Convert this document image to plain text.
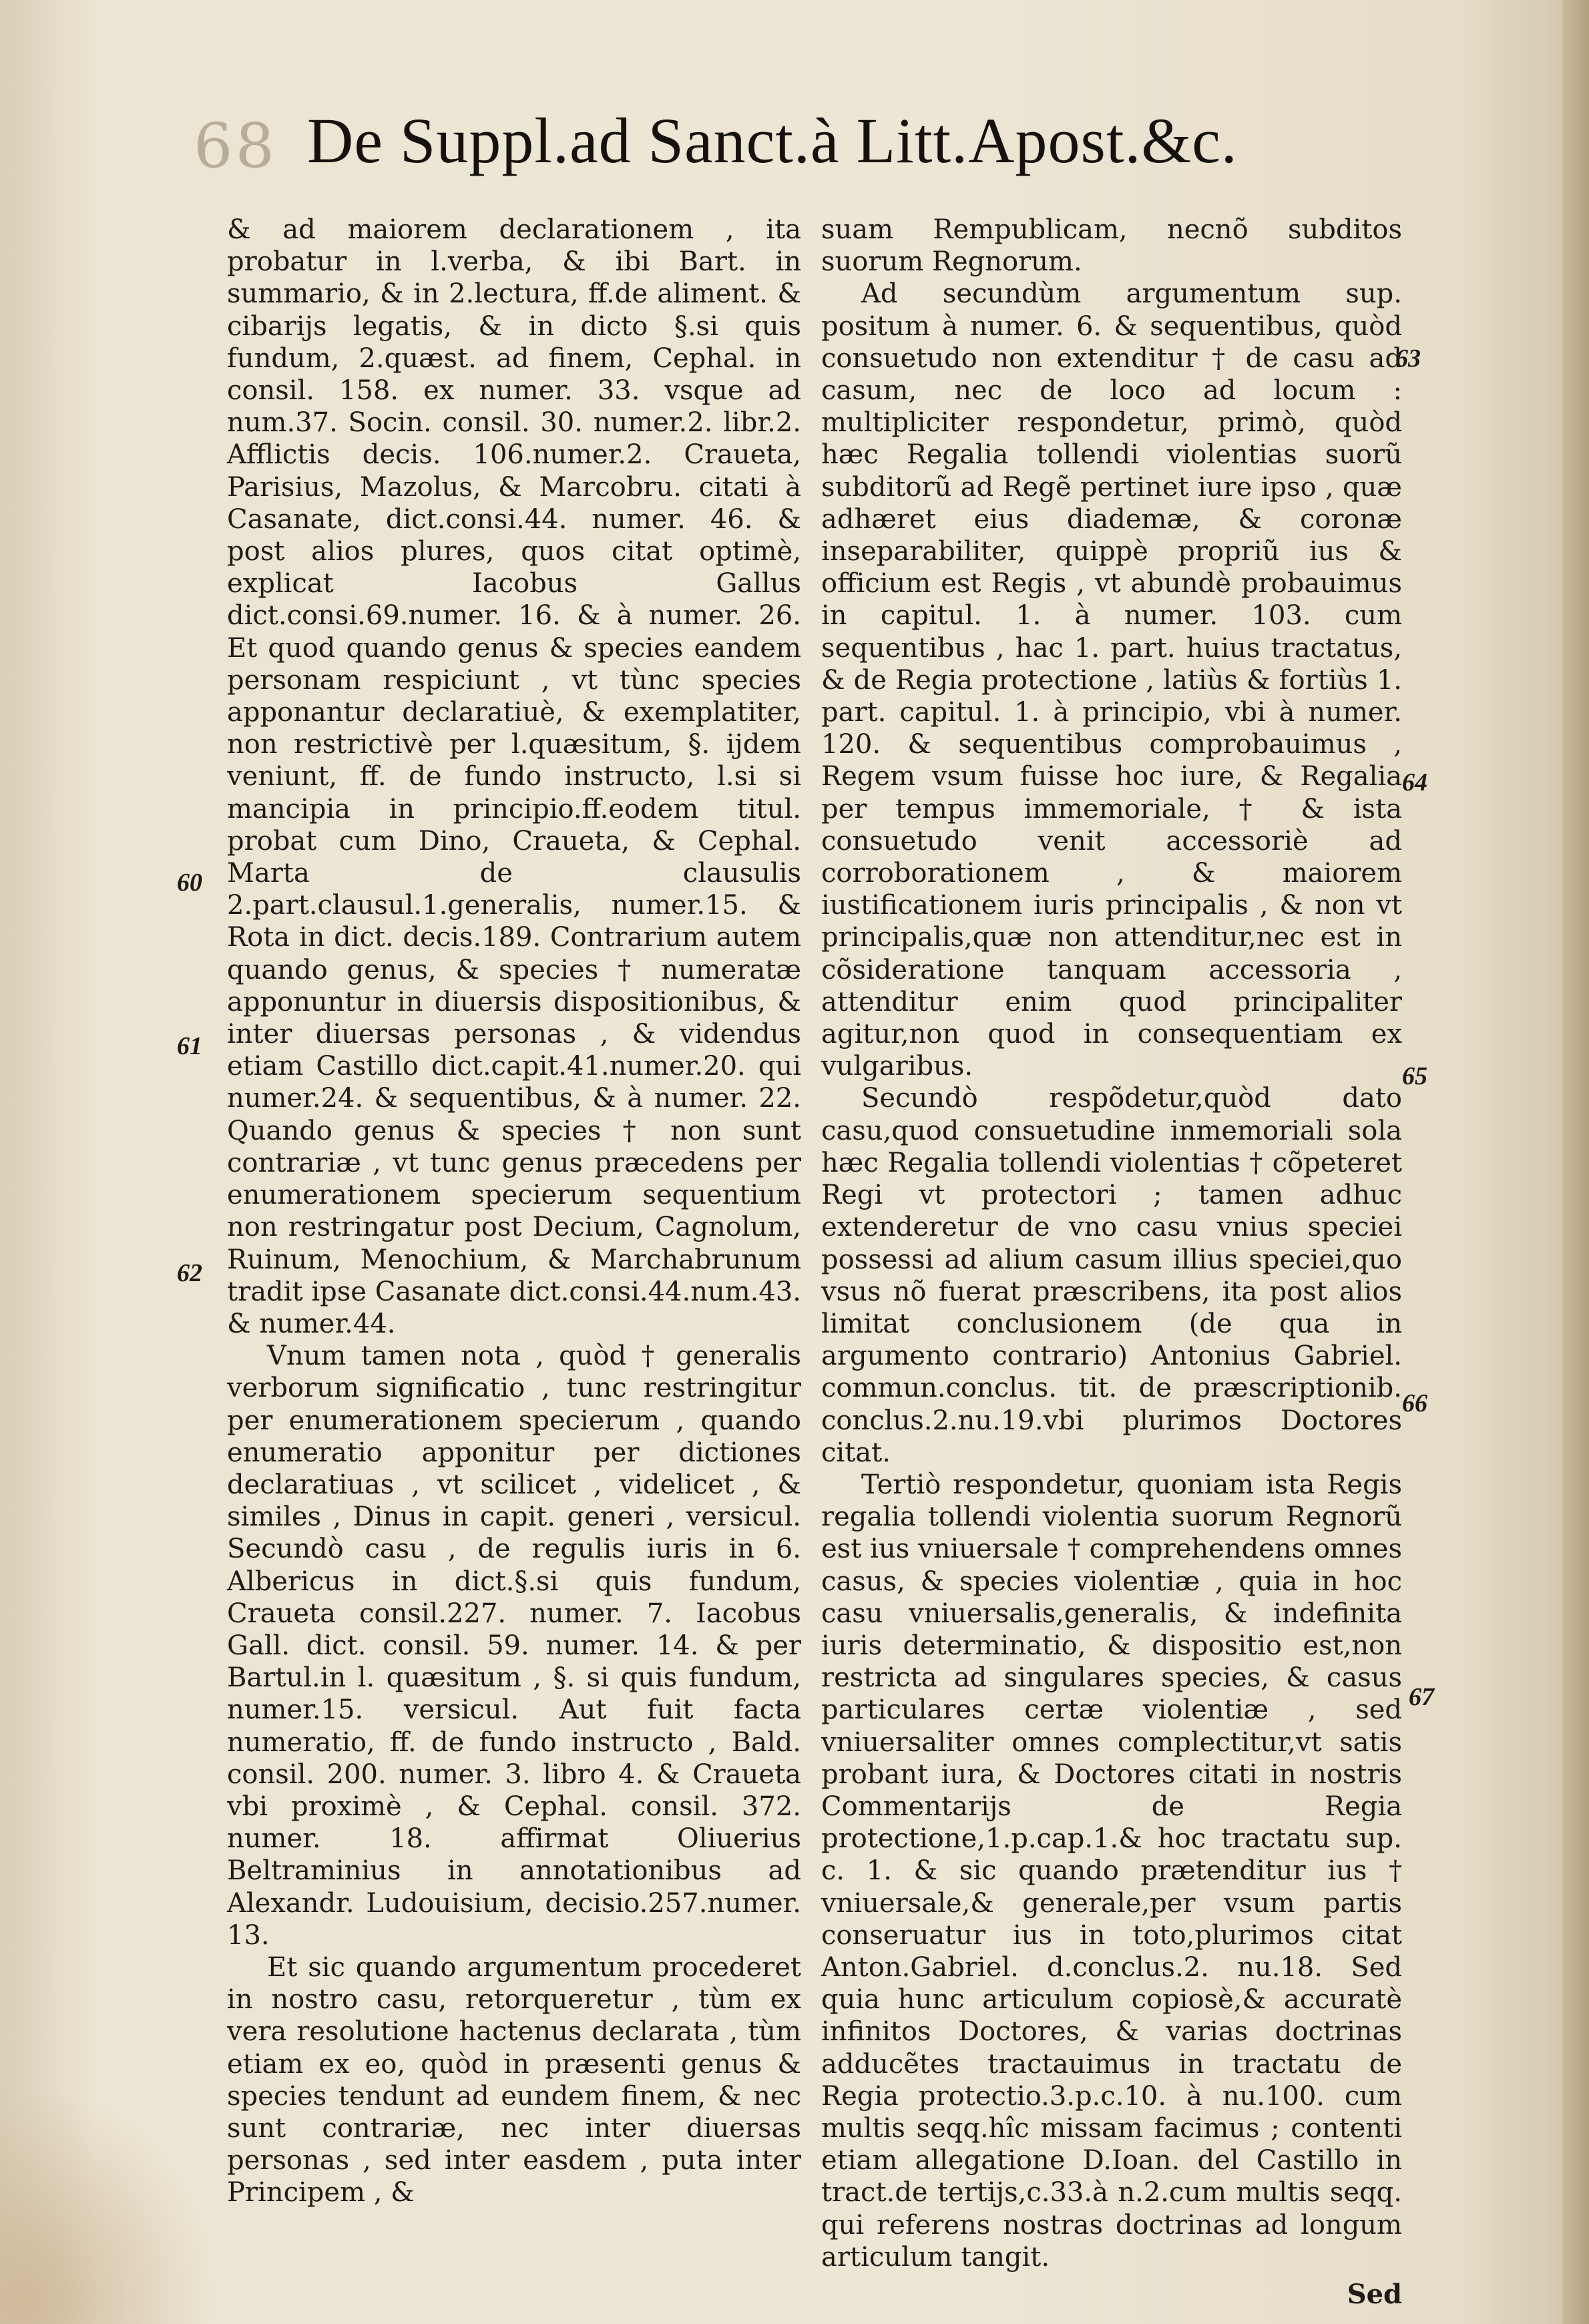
68 De Suppl.ad Sanct.à Litt.Apost.&c.

& ad maiorem declarationem , ita probatur in l.verba, & ibi Bart. in summario, & in 2.lectura, ff.de aliment. & cibarijs legatis, & in dicto §.si quis fundum, 2.quæst. ad finem, Cephal. in consil. 158. ex numer. 33. vsque ad num.37. Socin. consil. 30. numer.2. libr.2. Afflictis decis. 106.numer.2. Craueta, Parisius, Mazolus, & Marcobru. citati à Casanate, dict.consi.44. numer. 46. & post alios plures, quos citat optimè, explicat Iacobus Gallus dict.consi.69.numer. 16. & à numer. 26. Et quod quando genus & species eandem personam respiciunt , vt tùnc species apponantur declaratiuè, & exemplatiter, non restrictivè per l.quæsitum, §. ijdem veniunt, ff. de fundo instructo, l.si si mancipia in principio.ff.eodem titul. probat cum Dino, Craueta, & Cephal. Marta de clausulis 2.part.clausul.1.generalis, numer.15. & Rota in dict. decis.189. Contrarium autem quando genus, & species † numeratæ apponuntur in diuersis dispositionibus, & inter diuersas personas , & videndus etiam Castillo dict.capit.41.numer.20. qui numer.24. & sequentibus, & à numer. 22. Quando genus & species † non sunt contrariæ , vt tunc genus præcedens per enumerationem specierum sequentium non restringatur post Decium, Cagnolum, Ruinum, Menochium, & Marchabrunum tradit ipse Casanate dict.consi.44.num.43. & numer.44.

Vnum tamen nota , quòd † generalis verborum significatio , tunc restringitur per enumerationem specierum , quando enumeratio apponitur per dictiones declaratiuas , vt scilicet , videlicet , & similes , Dinus in capit. generi , versicul. Secundò casu , de regulis iuris in 6. Albericus in dict.§.si quis fundum, Craueta consil.227. numer. 7. Iacobus Gall. dict. consil. 59. numer. 14. & per Bartul.in l. quæsitum , §. si quis fundum, numer.15. versicul. Aut fuit facta numeratio, ff. de fundo instructo , Bald. consil. 200. numer. 3. libro 4. & Craueta vbi proximè , & Cephal. consil. 372. numer. 18. affirmat Oliuerius Beltraminius in annotationibus ad Alexandr. Ludouisium, decisio.257.numer. 13.

Et sic quando argumentum procederet in nostro casu, retorqueretur , tùm ex vera resolutione hactenus declarata , tùm etiam ex eo, quòd in præsenti genus & species tendunt ad eundem finem, & nec sunt contrariæ, nec inter diuersas personas , sed inter easdem , puta inter Principem , &

suam Rempublicam, necnõ subditos suorum Regnorum.

Ad secundùm argumentum sup. positum à numer. 6. & sequentibus, quòd consuetudo non extenditur † de casu ad casum, nec de loco ad locum : multipliciter respondetur, primò, quòd hæc Regalia tollendi violentias suorũ subditorũ ad Regẽ pertinet iure ipso , quæ adhæret eius diademæ, & coronæ inseparabiliter, quippè propriũ ius & officium est Regis , vt abundè probauimus in capitul. 1. à numer. 103. cum sequentibus , hac 1. part. huius tractatus, & de Regia protectione , latiùs & fortiùs 1. part. capitul. 1. à principio, vbi à numer. 120. & sequentibus comprobauimus , Regem vsum fuisse hoc iure, & Regalia per tempus immemoriale, † & ista consuetudo venit accessoriè ad corroborationem , & maiorem iustificationem iuris principalis , & non vt principalis,quæ non attenditur,nec est in cõsideratione tanquam accessoria , attenditur enim quod principaliter agitur,non quod in consequentiam ex vulgaribus.

Secundò respõdetur,quòd dato casu,quod consuetudine inmemoriali sola hæc Regalia tollendi violentias † cõpeteret Regi vt protectori ; tamen adhuc extenderetur de vno casu vnius speciei possessi ad alium casum illius speciei,quo vsus nõ fuerat præscribens, ita post alios limitat conclusionem (de qua in argumento contrario) Antonius Gabriel. commun.conclus. tit. de præscriptionib. conclus.2.nu.19.vbi plurimos Doctores citat.

Tertiò respondetur, quoniam ista Regis regalia tollendi violentia suorum Regnorũ est ius vniuersale † comprehendens omnes casus, & species violentiæ , quia in hoc casu vniuersalis,generalis, & indefinita iuris determinatio, & dispositio est,non restricta ad singulares species, & casus particulares certæ violentiæ , sed vniuersaliter omnes complectitur,vt satis probant iura, & Doctores citati in nostris Commentarijs de Regia protectione,1.p.cap.1.& hoc tractatu sup. c. 1. & sic quando prætenditur ius † vniuersale,& generale,per vsum partis conseruatur ius in toto,plurimos citat Anton.Gabriel. d.conclus.2. nu.18. Sed quia hunc articulum copiosè,& accuratè infinitos Doctores, & varias doctrinas adducẽtes tractauimus in tractatu de Regia protectio.3.p.c.10. à nu.100. cum multis seqq.hîc missam facimus ; contenti etiam allegatione D.Ioan. del Castillo in tract.de tertijs,c.33.à n.2.cum multis seqq. qui referens nostras doctrinas ad longum articulum tangit.

Sed

60
61
62
63
64
65
66
67
